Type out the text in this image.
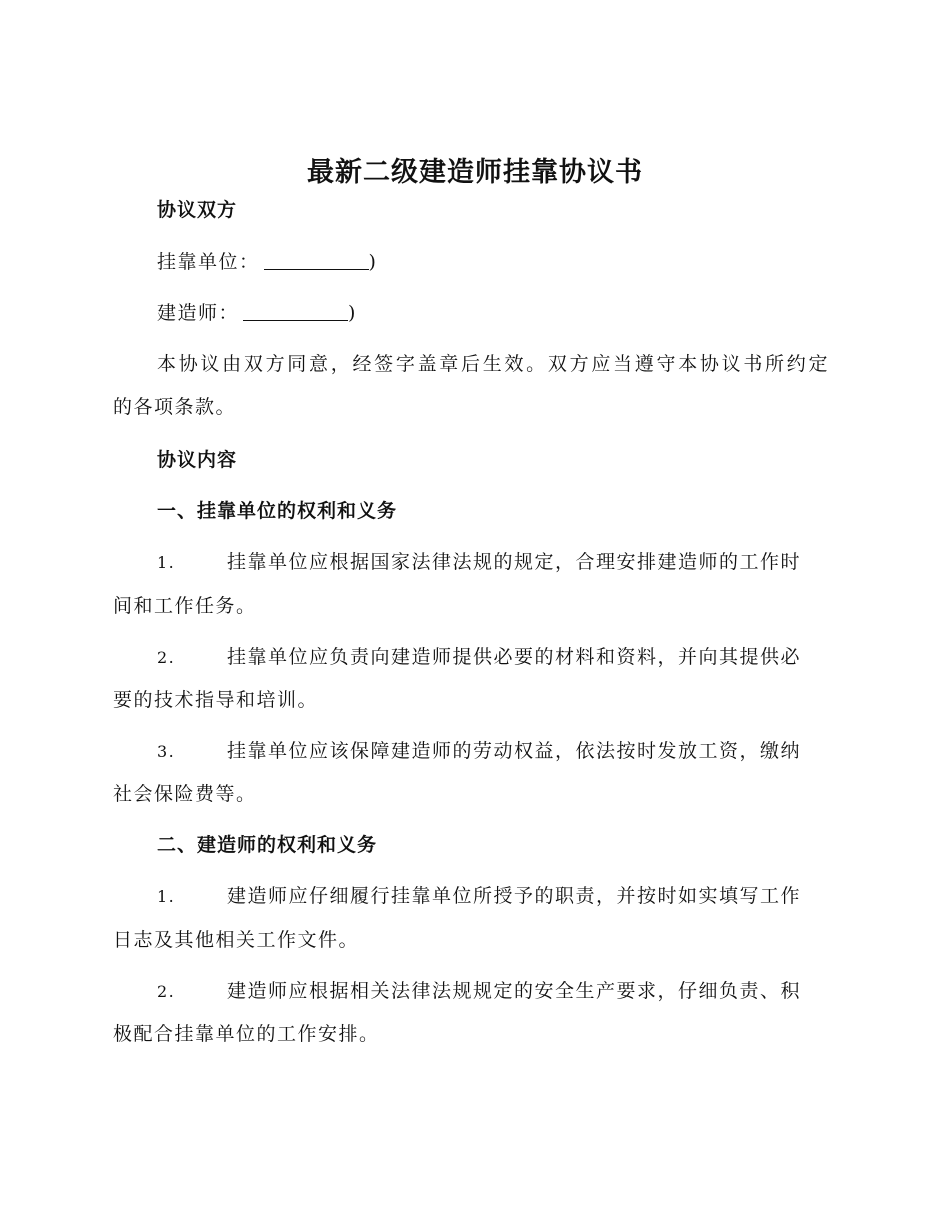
最新二级建造师挂靠协议书
协议双方
挂靠单位：	)
建造师：	)
本协议由双方同意，经签字盖章后生效。双方应当遵守本协议书所约定
的各项条款。
协议内容
一、挂靠单位的权利和义务
1.	挂靠单位应根据国家法律法规的规定，合理安排建造师的工作时
间和工作任务。
2.	挂靠单位应负责向建造师提供必要的材料和资料，并向其提供必
要的技术指导和培训。
3.	挂靠单位应该保障建造师的劳动权益，依法按时发放工资，缴纳
社会保险费等。
二、建造师的权利和义务
1.	建造师应仔细履行挂靠单位所授予的职责，并按时如实填写工作
日志及其他相关工作文件。
2.	建造师应根据相关法律法规规定的安全生产要求，仔细负责、积
极配合挂靠单位的工作安排。
